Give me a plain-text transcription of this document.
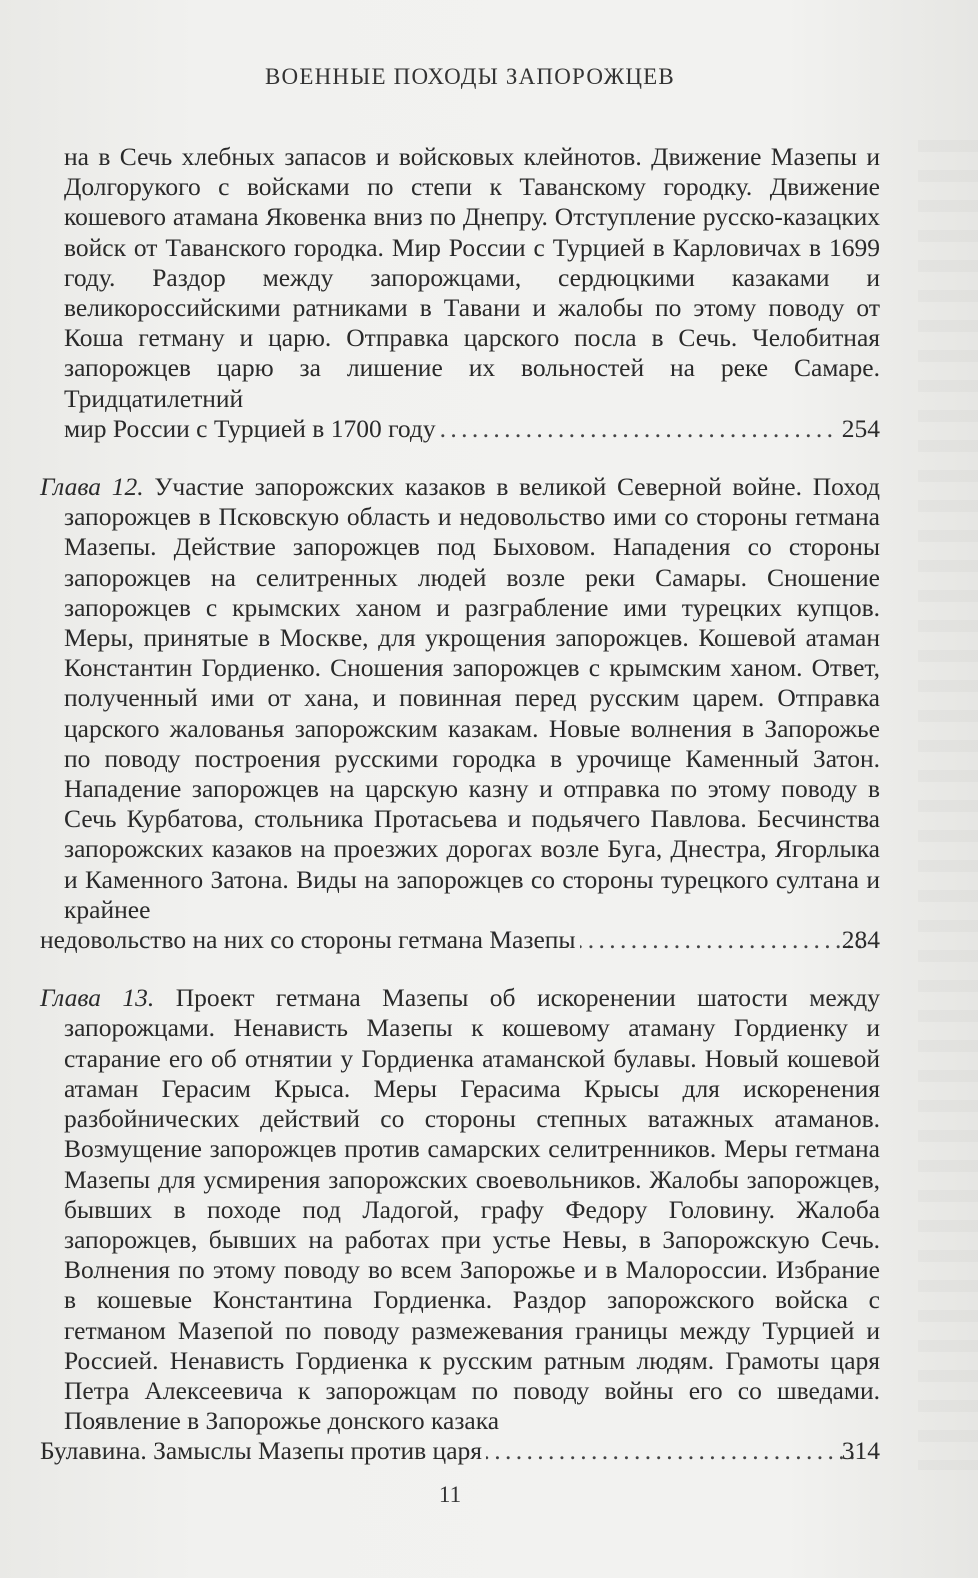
ВОЕННЫЕ ПОХОДЫ ЗАПОРОЖЦЕВ

на в Сечь хлебных запасов и войсковых клейнотов. Движение Мазепы и Долгорукого с войсками по степи к Таванскому городку. Движение кошевого атамана Яковенка вниз по Днепру. Отступление русско-казацких войск от Таванского городка. Мир России с Турцией в Карловичах в 1699 году. Раздор между запорожцами, сердюцкими казаками и великороссийскими ратниками в Тавани и жалобы по этому поводу от Коша гетману и царю. Отправка царского посла в Сечь. Челобитная запорожцев царю за лишение их вольностей на реке Самаре. Тридцатилетний
мир России с Турцией в 1700 году . . .	254

Глава 12. Участие запорожских казаков в великой Северной войне. Поход запорожцев в Псковскую область и недовольство ими со стороны гетмана Мазепы. Действие запорожцев под Быховом. Нападения со стороны запорожцев на селитренных людей возле реки Самары. Сношение запорожцев с крымских ханом и разграбление ими турецких купцов. Меры, принятые в Москве, для укрощения запорожцев. Кошевой атаман Константин Гордиенко. Сношения запорожцев с крымским ханом. Ответ, полученный ими от хана, и повинная перед русским царем. Отправка царского жалованья запорожским казакам. Новые волнения в Запорожье по поводу построения русскими городка в урочище Каменный Затон. Нападение запорожцев на царскую казну и отправка по этому поводу в Сечь Курбатова, стольника Протасьева и подьячего Павлова. Бесчинства запорожских казаков на проезжих дорогах возле Буга, Днестра, Ягорлыка и Каменного Затона. Виды на запорожцев со стороны турецкого султана и крайнее
недовольство на них со стороны гетмана Мазепы . . .	284

Глава 13. Проект гетмана Мазепы об искоренении шатости между запорожцами. Ненависть Мазепы к кошевому атаману Гордиенку и старание его об отнятии у Гордиенка атаманской булавы. Новый кошевой атаман Герасим Крыса. Меры Герасима Крысы для искоренения разбойнических действий со стороны степных ватажных атаманов. Возмущение запорожцев против самарских селитренников. Меры гетмана Мазепы для усмирения запорожских своевольников. Жалобы запорожцев, бывших в походе под Ладогой, графу Федору Головину. Жалоба запорожцев, бывших на работах при устье Невы, в Запорожскую Сечь. Волнения по этому поводу во всем Запорожье и в Малороссии. Избрание в кошевые Константина Гордиенка. Раздор запорожского войска с гетманом Мазепой по поводу размежевания границы между Турцией и Россией. Ненависть Гордиенка к русским ратным людям. Грамоты царя Петра Алексеевича к запорожцам по поводу войны его со шведами. Появление в Запорожье донского казака
Булавина. Замыслы Мазепы против царя . . .	314

11
